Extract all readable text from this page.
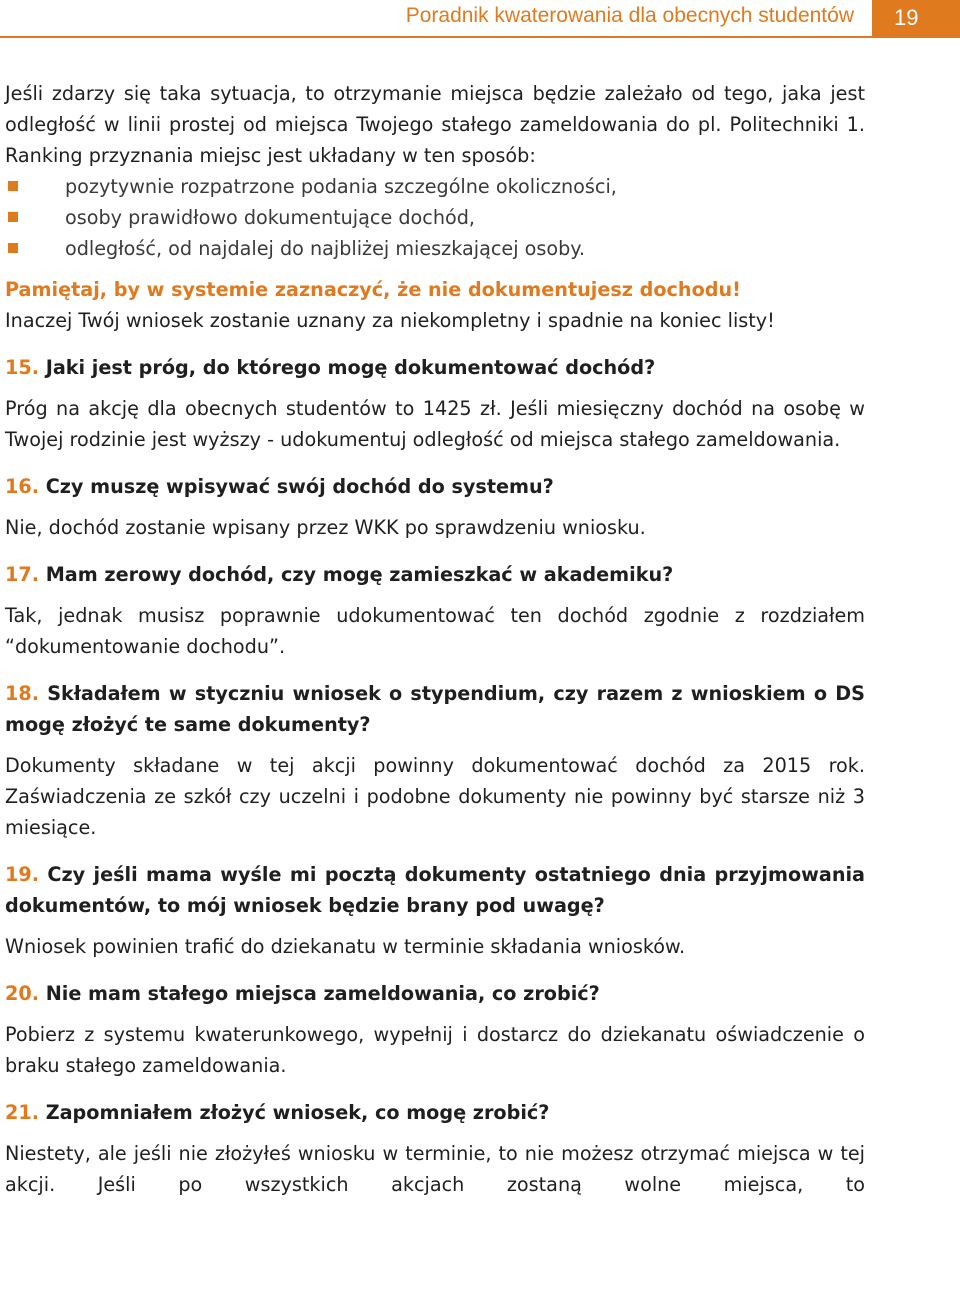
Poradnik kwaterowania dla obecnych studentów	19

Jeśli zdarzy się taka sytuacja, to otrzymanie miejsca będzie zależało od tego, jaka jest odległość w linii prostej od miejsca Twojego stałego zameldowania do pl. Politechniki 1. Ranking przyznania miejsc jest układany w ten sposób:

pozytywnie rozpatrzone podania szczególne okoliczności,
osoby prawidłowo dokumentujące dochód,
odległość, od najdalej do najbliżej mieszkającej osoby.

Pamiętaj, by w systemie zaznaczyć, że nie dokumentujesz dochodu!

Inaczej Twój wniosek zostanie uznany za niekompletny i spadnie na koniec listy!

15. Jaki jest próg, do którego mogę dokumentować dochód?

Próg na akcję dla obecnych studentów to 1425 zł. Jeśli miesięczny dochód na osobę w Twojej rodzinie jest wyższy - udokumentuj odległość od miejsca stałego zameldowania.

16. Czy muszę wpisywać swój dochód do systemu?

Nie, dochód zostanie wpisany przez WKK po sprawdzeniu wniosku.

17. Mam zerowy dochód, czy mogę zamieszkać w akademiku?

Tak, jednak musisz poprawnie udokumentować ten dochód zgodnie z rozdziałem “dokumentowanie dochodu”.

18. Składałem w styczniu wniosek o stypendium, czy razem z wnioskiem o DS mogę złożyć te same dokumenty?

Dokumenty składane w tej akcji powinny dokumentować dochód za 2015 rok. Zaświadczenia ze szkół czy uczelni i podobne dokumenty nie powinny być starsze niż 3 miesiące.

19. Czy jeśli mama wyśle mi pocztą dokumenty ostatniego dnia przyjmowania dokumentów, to mój wniosek będzie brany pod uwagę?

Wniosek powinien trafić do dziekanatu w terminie składania wniosków.

20. Nie mam stałego miejsca zameldowania, co zrobić?

Pobierz z systemu kwaterunkowego, wypełnij i dostarcz do dziekanatu oświadczenie o braku stałego zameldowania.

21. Zapomniałem złożyć wniosek, co mogę zrobić?

Niestety, ale jeśli nie złożyłeś wniosku w terminie, to nie możesz otrzymać miejsca w tej akcji. Jeśli po wszystkich akcjach zostaną wolne miejsca, to
